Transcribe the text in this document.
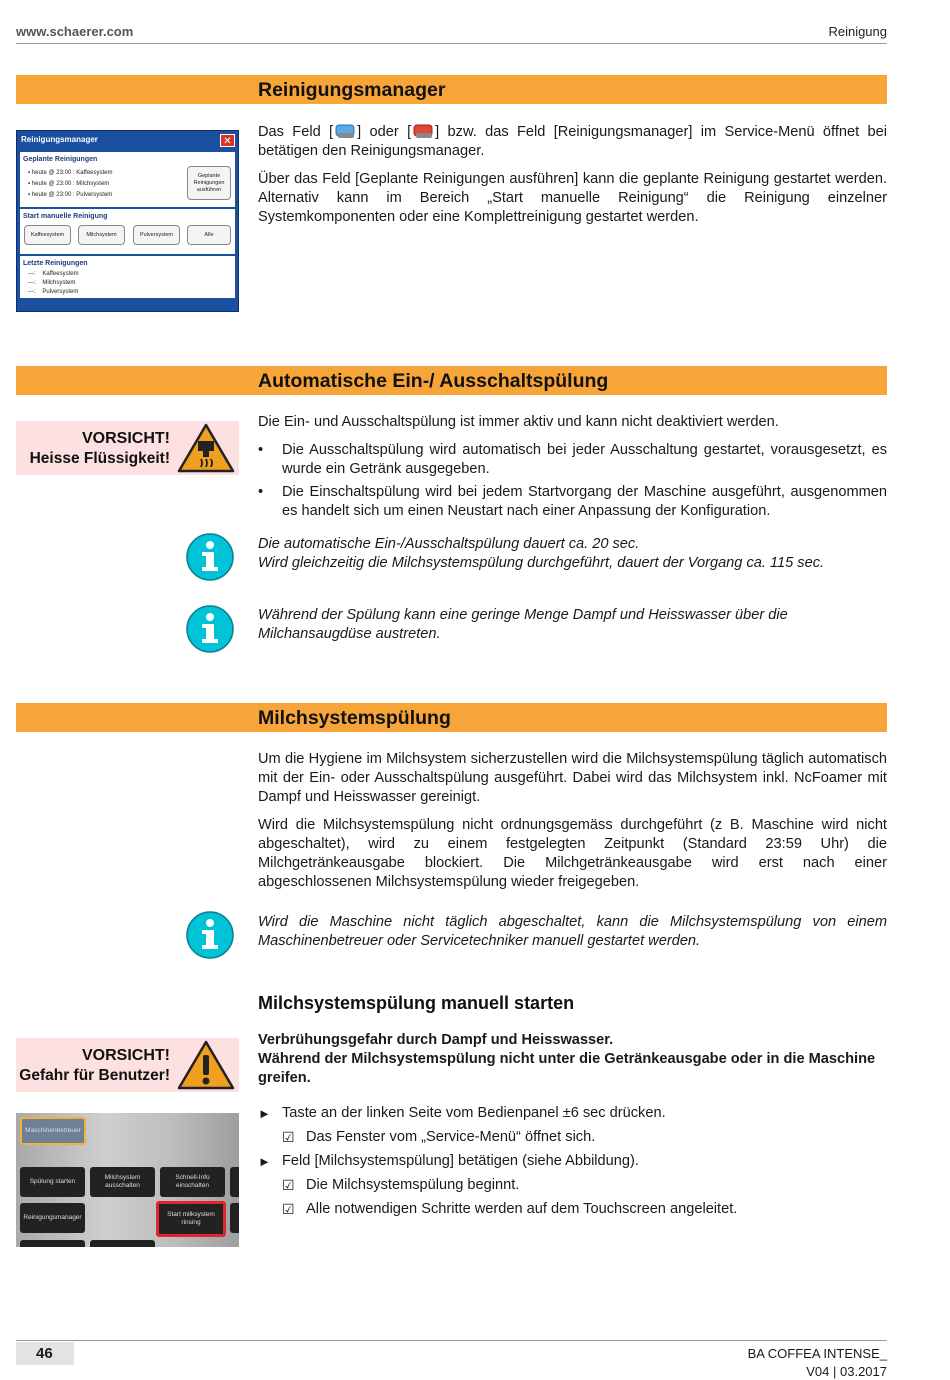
www.schaerer.com	Reinigung
Reinigungsmanager
Reinigungsmanager	✕
Geplante Reinigungen
▪ heute @ 23:00 : Kaffeesystem
▪ heute @ 23:00 : Milchsystem
▪ heute @ 23:00 : Pulversystem
Geplante Reinigungen ausführen
Start manuelle Reinigung
Kaffeesystem	Milchsystem	Pulversystem	Alle
Letzte Reinigungen
---: Kaffeesystem
---: Milchsystem
---: Pulversystem

Das Feld [ ] oder [ ] bzw. das Feld [Reinigungsmanager] im Service-Menü öffnet bei betätigen den Reinigungsmanager.

Über das Feld [Geplante Reinigungen ausführen] kann die geplante Reinigung gestartet werden. Alternativ kann im Bereich „Start manuelle Reinigung“ die Reinigung einzelner Systemkomponenten oder eine Komplettreinigung gestartet werden.

Automatische Ein-/ Ausschaltspülung
VORSICHT!
Heisse Flüssigkeit!

Die Ein- und Ausschaltspülung ist immer aktiv und kann nicht deaktiviert werden.

• Die Ausschaltspülung wird automatisch bei jeder Ausschaltung gestartet, vorausgesetzt, es wurde ein Getränk ausgegeben.
• Die Einschaltspülung wird bei jedem Startvorgang der Maschine ausgeführt, ausgenommen es handelt sich um einen Neustart nach einer Anpassung der Konfiguration.
Die automatische Ein-/Ausschaltspülung dauert ca. 20 sec.
Wird gleichzeitig die Milchsystemspülung durchgeführt, dauert der Vorgang ca. 115 sec.
Während der Spülung kann eine geringe Menge Dampf und Heisswasser über die Milchansaugdüse austreten.
Milchsystemspülung

Um die Hygiene im Milchsystem sicherzustellen wird die Milchsystemspülung täglich automatisch mit der Ein- oder Ausschaltspülung ausgeführt. Dabei wird das Milchsystem inkl. NcFoamer mit Dampf und Heisswasser gereinigt.

Wird die Milchsystemspülung nicht ordnungsgemäss durchgeführt (z B. Maschine wird nicht abgeschaltet), wird zu einem festgelegten Zeitpunkt (Standard 23:59 Uhr) die Milchgetränkeausgabe blockiert. Die Milchgetränkeausgabe wird erst nach einer abgeschlossenen Milchsystemspülung wieder freigegeben.

Wird die Maschine nicht täglich abgeschaltet, kann die Milchsystemspülung von einem Maschinenbetreuer oder Servicetechniker manuell gestartet werden.
Milchsystemspülung manuell starten
VORSICHT!
Gefahr für Benutzer!
Verbrühungsgefahr durch Dampf und Heisswasser.
Während der Milchsystemspülung nicht unter die Getränkeausgabe oder in die Maschine greifen.
Maschinenbetreuer
Spülung starten
Milchsystem ausschalten
Schnell-Info einschalten
Reinigungsmanager	Start milksystem rinsing
► Taste an der linken Seite vom Bedienpanel ±6 sec drücken.
☑ Das Fenster vom „Service-Menü“ öffnet sich.
► Feld [Milchsystemspülung] betätigen (siehe Abbildung).
☑ Die Milchsystemspülung beginnt.
☑ Alle notwendigen Schritte werden auf dem Touchscreen angeleitet.
46	BA COFFEA INTENSE_
V04 | 03.2017
